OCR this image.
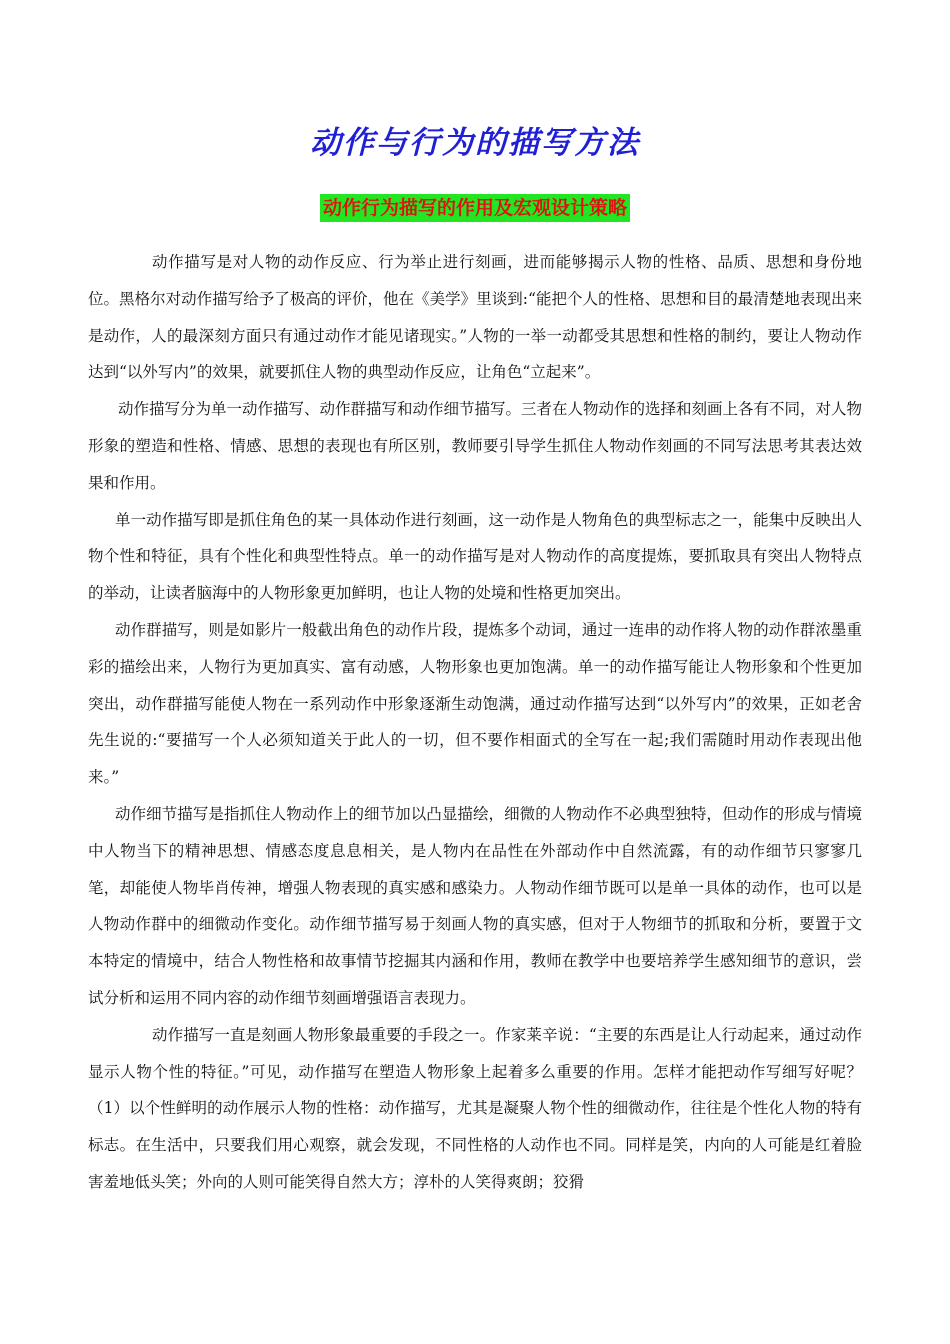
动作与行为的描写方法
动作行为描写的作用及宏观设计策略

动作描写是对人物的动作反应、行为举止进行刻画，进而能够揭示人物的性格、品质、思想和身份地位。黑格尔对动作描写给予了极高的评价，他在《美学》里谈到:“能把个人的性格、思想和目的最清楚地表现出来是动作，人的最深刻方面只有通过动作才能见诸现实。”人物的一举一动都受其思想和性格的制约，要让人物动作达到“以外写内”的效果，就要抓住人物的典型动作反应，让角色“立起来”。

动作描写分为单一动作描写、动作群描写和动作细节描写。三者在人物动作的选择和刻画上各有不同，对人物形象的塑造和性格、情感、思想的表现也有所区别，教师要引导学生抓住人物动作刻画的不同写法思考其表达效果和作用。

单一动作描写即是抓住角色的某一具体动作进行刻画，这一动作是人物角色的典型标志之一，能集中反映出人物个性和特征，具有个性化和典型性特点。单一的动作描写是对人物动作的高度提炼，要抓取具有突出人物特点的举动，让读者脑海中的人物形象更加鲜明，也让人物的处境和性格更加突出。

动作群描写，则是如影片一般截出角色的动作片段，提炼多个动词，通过一连串的动作将人物的动作群浓墨重彩的描绘出来，人物行为更加真实、富有动感，人物形象也更加饱满。单一的动作描写能让人物形象和个性更加突出，动作群描写能使人物在一系列动作中形象逐渐生动饱满，通过动作描写达到“以外写内”的效果，正如老舍先生说的:“要描写一个人必须知道关于此人的一切，但不要作相面式的全写在一起;我们需随时用动作表现出他来。”

动作细节描写是指抓住人物动作上的细节加以凸显描绘，细微的人物动作不必典型独特，但动作的形成与情境中人物当下的精神思想、情感态度息息相关，是人物内在品性在外部动作中自然流露，有的动作细节只寥寥几笔，却能使人物毕肖传神，增强人物表现的真实感和感染力。人物动作细节既可以是单一具体的动作，也可以是人物动作群中的细微动作变化。动作细节描写易于刻画人物的真实感，但对于人物细节的抓取和分析，要置于文本特定的情境中，结合人物性格和故事情节挖掘其内涵和作用，教师在教学中也要培养学生感知细节的意识，尝试分析和运用不同内容的动作细节刻画增强语言表现力。

动作描写一直是刻画人物形象最重要的手段之一。作家莱辛说：“主要的东西是让人行动起来，通过动作显示人物个性的特征。”可见，动作描写在塑造人物形象上起着多么重要的作用。怎样才能把动作写细写好呢？ （1）以个性鲜明的动作展示人物的性格：动作描写，尤其是凝聚人物个性的细微动作，往往是个性化人物的特有标志。在生活中，只要我们用心观察，就会发现，不同性格的人动作也不同。同样是笑，内向的人可能是红着脸害羞地低头笑；外向的人则可能笑得自然大方；淳朴的人笑得爽朗；狡猾
